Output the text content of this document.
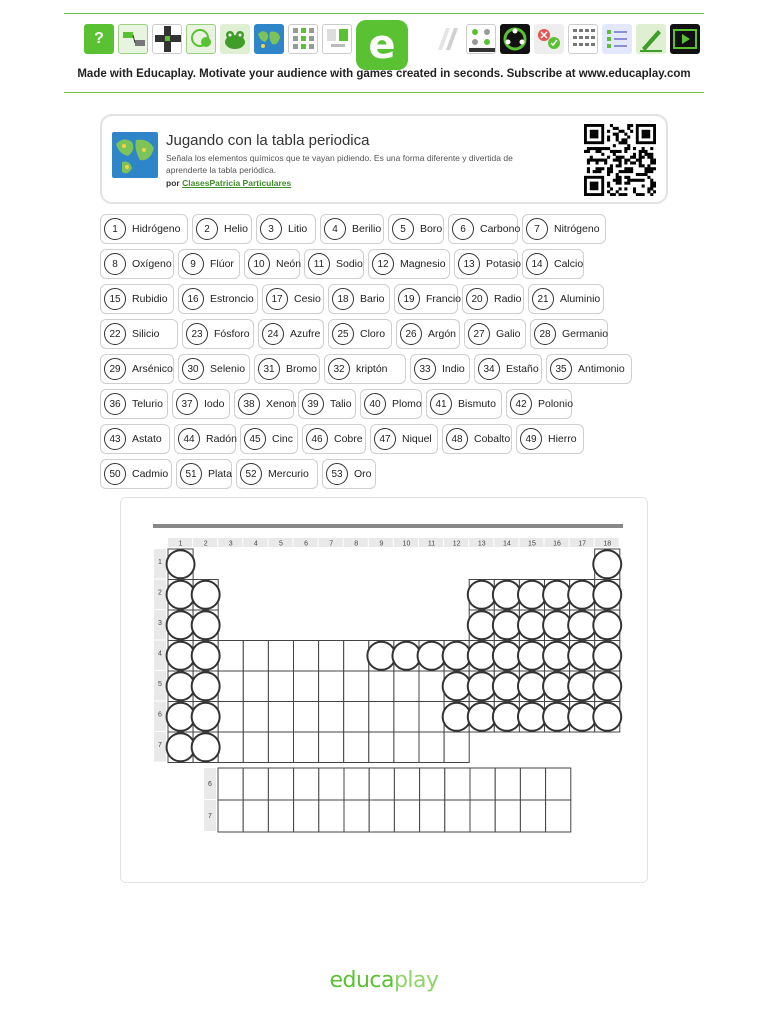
?	e
Made with Educaplay. Motivate your audience with games created in seconds. Subscribe at www.educaplay.com
Jugando con la tabla periodica
Señala los elementos químicos que te vayan pidiendo. Es una forma diferente y divertida de aprenderte la tabla periódica.
por ClasesPatricia Particulares
1	Hidrógeno	2	Helio	3	Litio	4	Berilio	5	Boro	6	Carbono	7	Nitrógeno
8	Oxígeno	9	Flúor	10	Neón	11	Sodio	12	Magnesio	13	Potasio	14	Calcio
15	Rubidio	16	Estroncio	17	Cesio	18	Bario	19	Francio	20	Radio	21	Aluminio
22	Silicio	23	Fósforo	24	Azufre	25	Cloro	26	Argón	27	Galio	28	Germanio
29	Arsénico	30	Selenio	31	Bromo	32	kriptón	33	Indio	34	Estaño	35	Antimonio
36	Telurio	37	Iodo	38	Xenon	39	Talio	40	Plomo	41	Bismuto	42	Polonio
43	Astato	44	Radón	45	Cinc	46	Cobre	47	Niquel	48	Cobalto	49	Hierro
50	Cadmio	51	Plata	52	Mercurio	53	Oro
1	2	3	4	5	6	7	8	9	10	11	12 13 14 15 16 17 18
1
2
3
4
5
6
7
6
7
educaplay
